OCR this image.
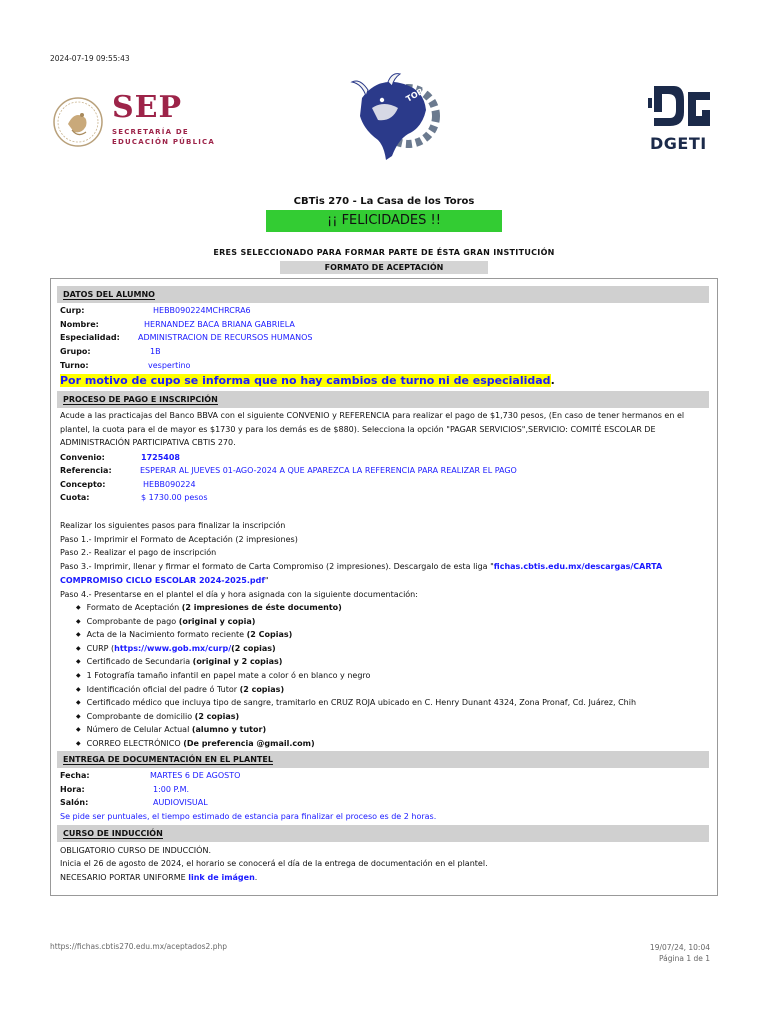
2024-07-19 09:55:43
SEP
SECRETARÍA DE
EDUCACIÓN PÚBLICA
TOROS
DGETI
CBTis 270 - La Casa de los Toros
¡¡ FELICIDADES !!
ERES SELECCIONADO PARA FORMAR PARTE DE ÉSTA GRAN INSTITUCIÓN
FORMATO DE ACEPTACIÓN
DATOS DEL ALUMNO
Curp:	HEBB090224MCHRCRA6
Nombre:	HERNANDEZ BACA BRIANA GABRIELA
Especialidad: ADMINISTRACION DE RECURSOS HUMANOS
Grupo:	1B
Turno:	vespertino
Por motivo de cupo se informa que no hay cambios de turno ni de especialidad.
PROCESO DE PAGO E INSCRIPCIÓN
Acude a las practicajas del Banco BBVA con el siguiente CONVENIO y REFERENCIA para realizar el pago de $1,730 pesos, (En caso de tener hermanos en el plantel, la cuota para el de mayor es $1730 y para los demás es de $880). Selecciona la opción "PAGAR SERVICIOS",SERVICIO: COMITÉ ESCOLAR DE ADMINISTRACIÓN PARTICIPATIVA CBTIS 270.
Convenio:	1725408
Referencia:	ESPERAR AL JUEVES 01-AGO-2024 A QUE APAREZCA LA REFERENCIA PARA REALIZAR EL PAGO
Concepto:	HEBB090224
Cuota:	$ 1730.00 pesos
Realizar los siguientes pasos para finalizar la inscripción
Paso 1.- Imprimir el Formato de Aceptación (2 impresiones)
Paso 2.- Realizar el pago de inscripción
Paso 3.- Imprimir, llenar y firmar el formato de Carta Compromiso (2 impresiones). Descargalo de esta liga "fichas.cbtis.edu.mx/descargas/CARTA COMPROMISO CICLO ESCOLAR 2024-2025.pdf"
Paso 4.- Presentarse en el plantel el día y hora asignada con la siguiente documentación:
◆ Formato de Aceptación (2 impresiones de éste documento)
◆ Comprobante de pago (original y copia)
◆ Acta de la Nacimiento formato reciente (2 Copias)
◆ CURP (https://www.gob.mx/curp/(2 copias)
◆ Certificado de Secundaria (original y 2 copias)
◆ 1 Fotografía tamaño infantil en papel mate a color ó en blanco y negro
◆ Identificación oficial del padre ó Tutor (2 copias)
◆ Certificado médico que incluya tipo de sangre, tramitarlo en CRUZ ROJA ubicado en C. Henry Dunant 4324, Zona Pronaf, Cd. Juárez, Chih
◆ Comprobante de domicilio (2 copias)
◆ Número de Celular Actual (alumno y tutor)
◆ CORREO ELECTRÓNICO (De preferencia @gmail.com)
ENTREGA DE DOCUMENTACIÓN EN EL PLANTEL
Fecha:	MARTES 6 DE AGOSTO
Hora:	1:00 P.M.
Salón:	AUDIOVISUAL
Se pide ser puntuales, el tiempo estimado de estancia para finalizar el proceso es de 2 horas.
CURSO DE INDUCCIÓN
OBLIGATORIO CURSO DE INDUCCIÓN.
Inicia el 26 de agosto de 2024, el horario se conocerá el día de la entrega de documentación en el plantel.
NECESARIO PORTAR UNIFORME link de imágen.
https://fichas.cbtis270.edu.mx/aceptados2.php	19/07/24, 10:04
Página 1 de 1
